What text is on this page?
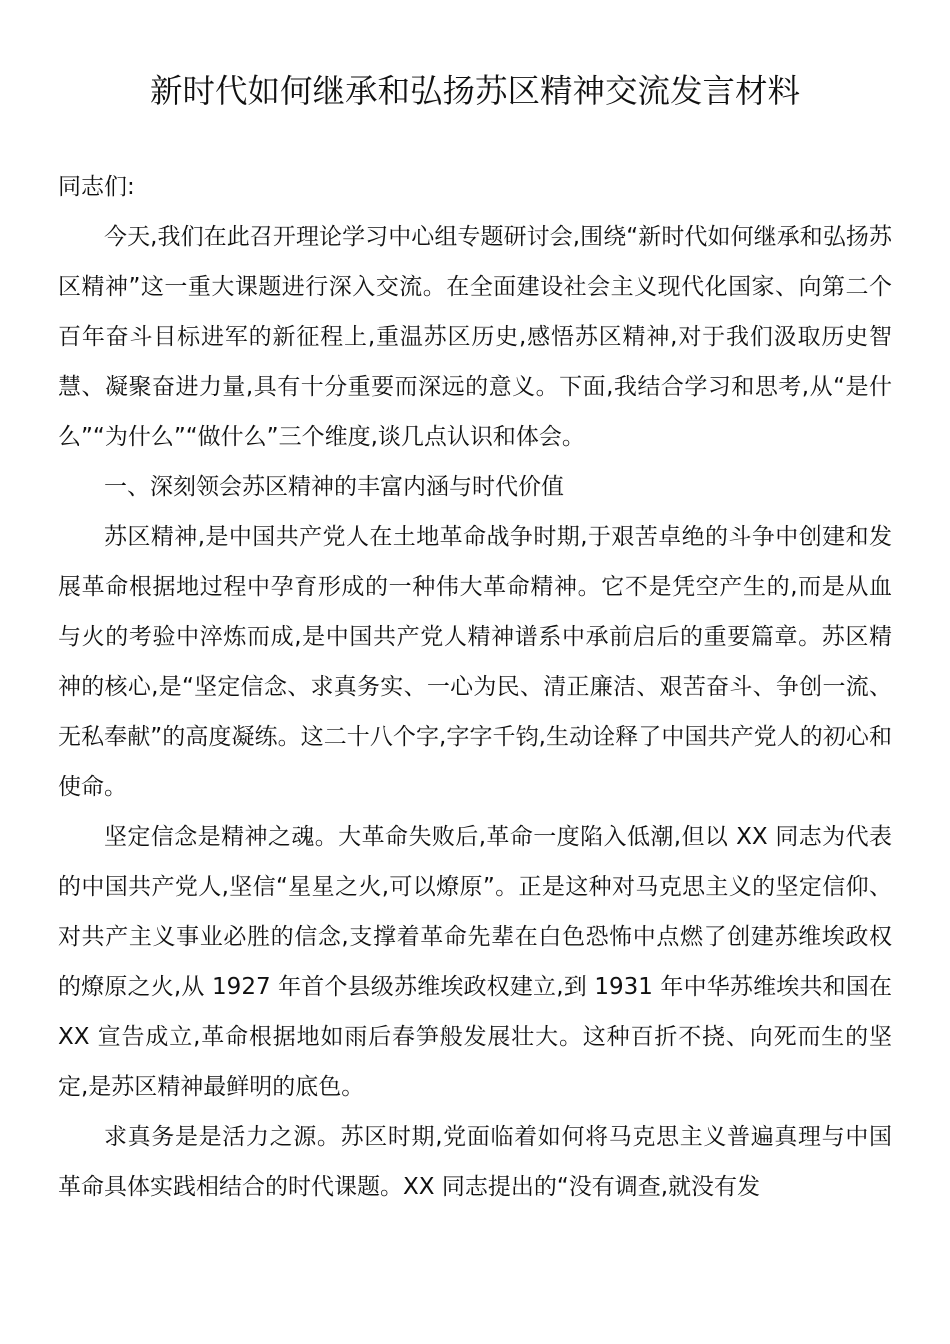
新时代如何继承和弘扬苏区精神交流发言材料

同志们:

今天,我们在此召开理论学习中心组专题研讨会,围绕“新时代如何继承和弘扬苏区精神”这一重大课题进行深入交流。在全面建设社会主义现代化国家、向第二个百年奋斗目标进军的新征程上,重温苏区历史,感悟苏区精神,对于我们汲取历史智慧、凝聚奋进力量,具有十分重要而深远的意义。下面,我结合学习和思考,从“是什么”“为什么”“做什么”三个维度,谈几点认识和体会。

一、深刻领会苏区精神的丰富内涵与时代价值

苏区精神,是中国共产党人在土地革命战争时期,于艰苦卓绝的斗争中创建和发展革命根据地过程中孕育形成的一种伟大革命精神。它不是凭空产生的,而是从血与火的考验中淬炼而成,是中国共产党人精神谱系中承前启后的重要篇章。苏区精神的核心,是“坚定信念、求真务实、一心为民、清正廉洁、艰苦奋斗、争创一流、无私奉献”的高度凝练。这二十八个字,字字千钧,生动诠释了中国共产党人的初心和使命。

坚定信念是精神之魂。大革命失败后,革命一度陷入低潮,但以 XX 同志为代表的中国共产党人,坚信“星星之火,可以燎原”。正是这种对马克思主义的坚定信仰、对共产主义事业必胜的信念,支撑着革命先辈在白色恐怖中点燃了创建苏维埃政权的燎原之火,从 1927 年首个县级苏维埃政权建立,到 1931 年中华苏维埃共和国在 XX 宣告成立,革命根据地如雨后春笋般发展壮大。这种百折不挠、向死而生的坚定,是苏区精神最鲜明的底色。

求真务是是活力之源。苏区时期,党面临着如何将马克思主义普遍真理与中国革命具体实践相结合的时代课题。XX 同志提出的“没有调查,就没有发
